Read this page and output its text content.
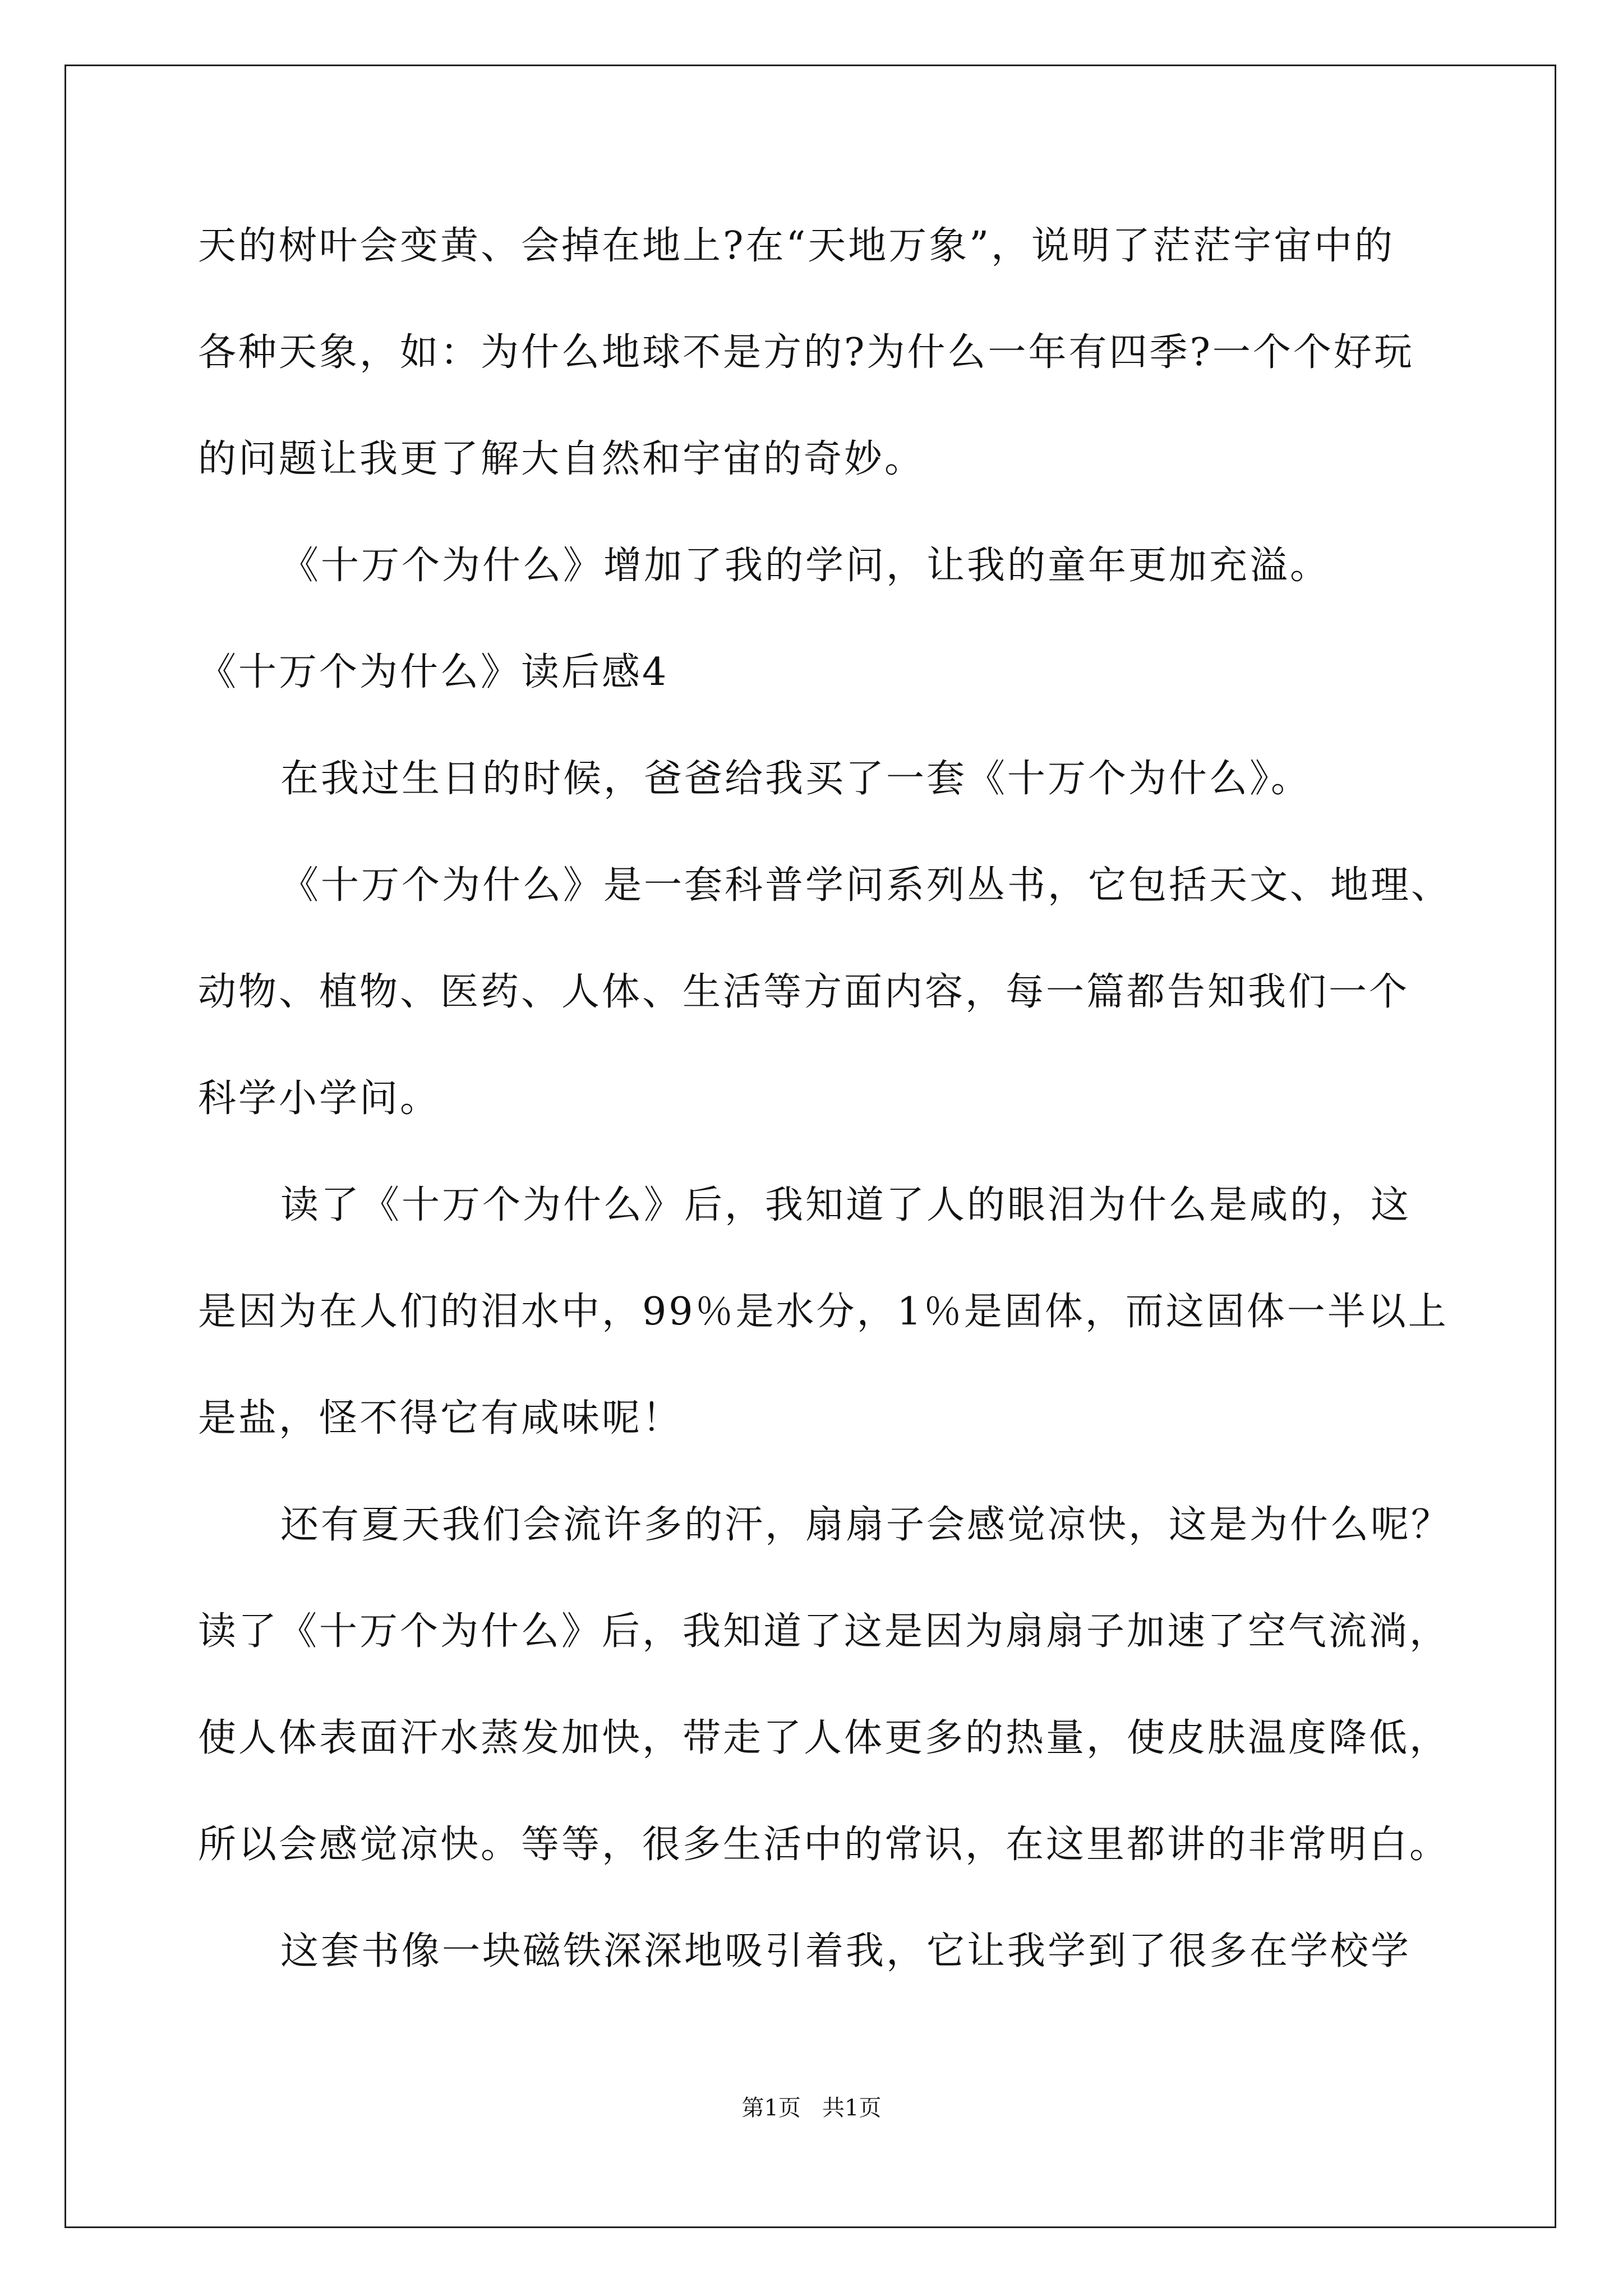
天的树叶会变黄、会掉在地上?在“天地万象”，说明了茫茫宇宙中的
各种天象，如：为什么地球不是方的?为什么一年有四季?一个个好玩
的问题让我更了解大自然和宇宙的奇妙。
《十万个为什么》增加了我的学问，让我的童年更加充溢。
《十万个为什么》读后感4
在我过生日的时候，爸爸给我买了一套《十万个为什么》。
《十万个为什么》是一套科普学问系列丛书，它包括天文、地理、
动物、植物、医药、人体、生活等方面内容，每一篇都告知我们一个
科学小学问。
读了《十万个为什么》后，我知道了人的眼泪为什么是咸的，这
是因为在人们的泪水中，99％是水分，1％是固体，而这固体一半以上
是盐，怪不得它有咸味呢！
还有夏天我们会流许多的汗，扇扇子会感觉凉快，这是为什么呢？
读了《十万个为什么》后，我知道了这是因为扇扇子加速了空气流淌，
使人体表面汗水蒸发加快，带走了人体更多的热量，使皮肤温度降低，
所以会感觉凉快。等等，很多生活中的常识，在这里都讲的非常明白。
这套书像一块磁铁深深地吸引着我，它让我学到了很多在学校学
第1页   共1页
